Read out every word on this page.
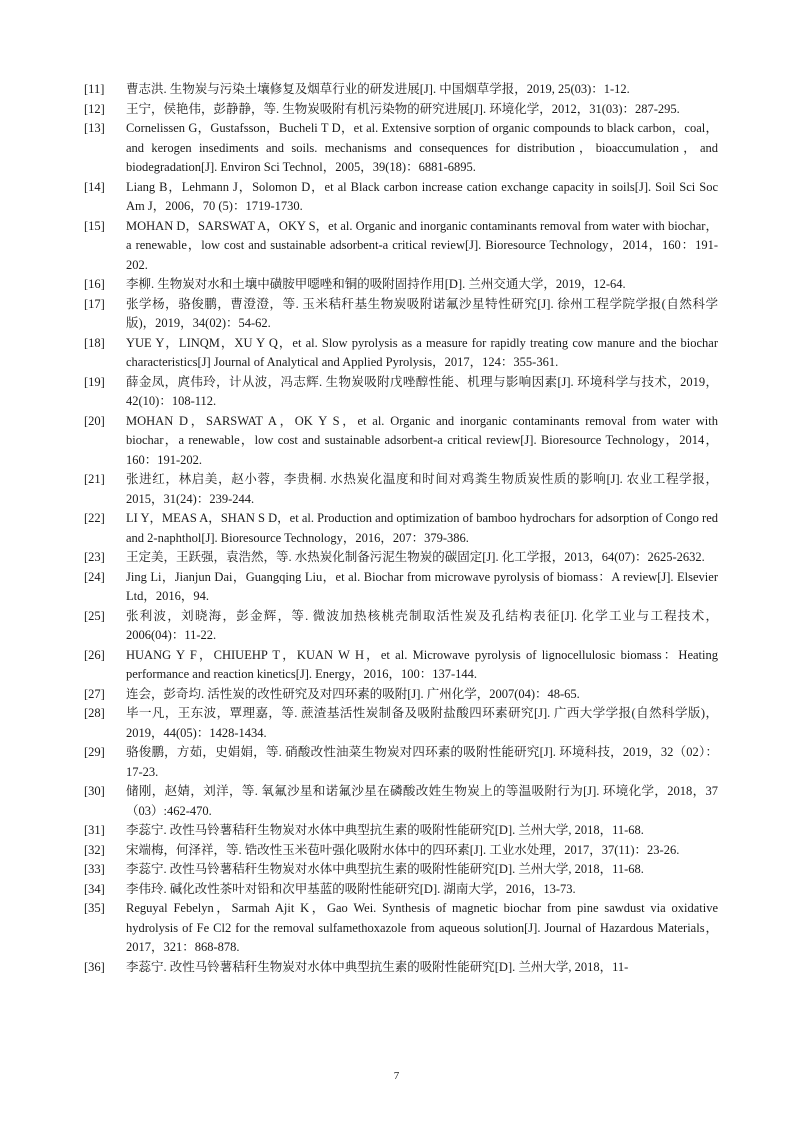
[11]	曹志洪. 生物炭与污染土壤修复及烟草行业的研发进展[J]. 中国烟草学报，2019, 25(03)：1-12.
[12]	王宁，侯艳伟，彭静静，等. 生物炭吸附有机污染物的研究进展[J]. 环境化学，2012，31(03)：287-295.
[13]	Cornelissen G，Gustafsson，Bucheli T D，et al. Extensive sorption of organic compounds to black carbon，coal，and kerogen insediments and soils. mechanisms and consequences for distribution，bioaccumulation，and biodegradation[J]. Environ Sci Technol，2005，39(18)：6881-6895.
[14]	Liang B，Lehmann J，Solomon D，et al Black carbon increase cation exchange capacity in soils[J]. Soil Sci Soc Am J，2006，70 (5)：1719-1730.
[15]	MOHAN D，SARSWAT A，OKY S，et al. Organic and inorganic contaminants removal from water with biochar，a renewable，low cost and sustainable adsorbent-a critical review[J]. Bioresource Technology，2014，160：191-202.
[16]	李柳. 生物炭对水和土壤中磺胺甲噁唑和铜的吸附固持作用[D]. 兰州交通大学，2019，12-64.
[17]	张学杨，骆俊鹏，曹澄澄，等. 玉米秸秆基生物炭吸附诺氟沙星特性研究[J]. 徐州工程学院学报(自然科学版)，2019，34(02)：54-62.
[18]	YUE Y，LINQM，XU Y Q，et al. Slow pyrolysis as a measure for rapidly treating cow manure and the biochar characteristics[J] Journal of Analytical and Applied Pyrolysis，2017，124：355-361.
[19]	薛金凤，庹伟玲，计从波，冯志辉. 生物炭吸附戊唑醇性能、机理与影响因素[J]. 环境科学与技术，2019，42(10)：108-112.
[20]	MOHAN D，SARSWAT A，OK Y S，et al. Organic and inorganic contaminants removal from water with biochar，a renewable，low cost and sustainable adsorbent-a critical review[J]. Bioresource Technology，2014，160：191-202.
[21]	张进红，林启美，赵小蓉，李贵桐. 水热炭化温度和时间对鸡粪生物质炭性质的影响[J]. 农业工程学报，2015，31(24)：239-244.
[22]	LI Y，MEAS A，SHAN S D，et al. Production and optimization of bamboo hydrochars for adsorption of Congo red and 2-naphthol[J]. Bioresource Technology，2016，207：379-386.
[23]	王定美，王跃强，袁浩然，等. 水热炭化制备污泥生物炭的碳固定[J]. 化工学报，2013，64(07)：2625-2632.
[24]	Jing Li，Jianjun Dai，Guangqing Liu，et al. Biochar from microwave pyrolysis of biomass：A review[J]. Elsevier Ltd，2016，94.
[25]	张利波，刘晓海，彭金辉，等. 微波加热核桃壳制取活性炭及孔结构表征[J]. 化学工业与工程技术，2006(04)：11-22.
[26]	HUANG Y F，CHIUEHP T，KUAN W H，et al. Microwave pyrolysis of lignocellulosic biomass：Heating performance and reaction kinetics[J]. Energy，2016，100：137-144.
[27]	连会，彭奇均. 活性炭的改性研究及对四环素的吸附[J]. 广州化学，2007(04)：48-65.
[28]	毕一凡，王东波，覃理嘉，等. 蔗渣基活性炭制备及吸附盐酸四环素研究[J]. 广西大学学报(自然科学版)，2019，44(05)：1428-1434.
[29]	骆俊鹏，方茹，史娟娟，等. 硝酸改性油菜生物炭对四环素的吸附性能研究[J]. 环境科技，2019，32（02）：17-23.
[30]	储刚，赵婧，刘洋，等. 氧氟沙星和诺氟沙星在磷酸改姓生物炭上的等温吸附行为[J]. 环境化学，2018，37（03）:462-470.
[31]	李蕊宁. 改性马铃薯秸秆生物炭对水体中典型抗生素的吸附性能研究[D]. 兰州大学, 2018，11-68.
[32]	宋端梅，何泽祥，等. 锆改性玉米苞叶强化吸附水体中的四环素[J]. 工业水处理，2017，37(11)：23-26.
[33]	李蕊宁. 改性马铃薯秸秆生物炭对水体中典型抗生素的吸附性能研究[D]. 兰州大学, 2018，11-68.
[34]	李伟玲. 碱化改性茶叶对铅和次甲基蓝的吸附性能研究[D]. 湖南大学，2016，13-73.
[35]	Reguyal Febelyn，Sarmah Ajit K，Gao Wei. Synthesis of magnetic biochar from pine sawdust via oxidative hydrolysis of Fe Cl2 for the removal sulfamethoxazole from aqueous solution[J]. Journal of Hazardous Materials，2017，321：868-878.
[36]	李蕊宁. 改性马铃薯秸秆生物炭对水体中典型抗生素的吸附性能研究[D]. 兰州大学, 2018，11-
7
